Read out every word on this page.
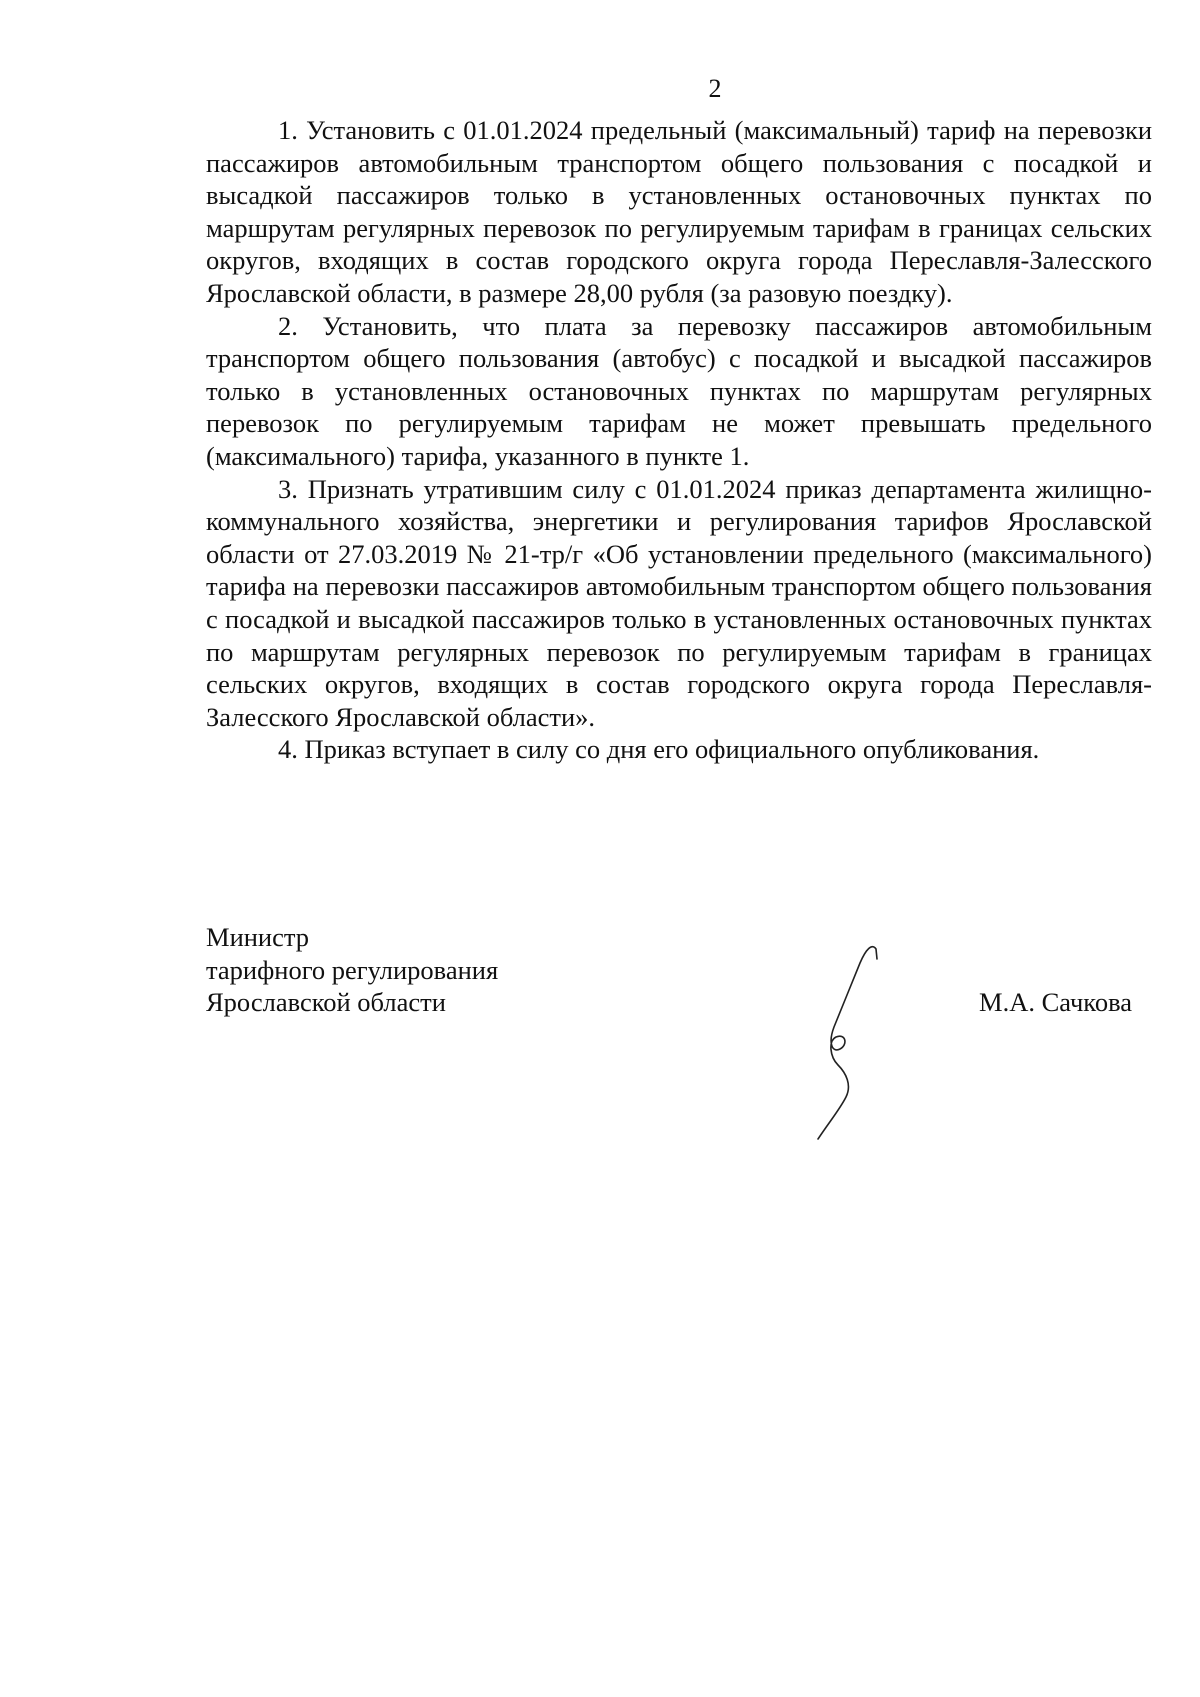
2

1. Установить с 01.01.2024 предельный (максимальный) тариф на перевозки пассажиров автомобильным транспортом общего пользования с посадкой и высадкой пассажиров только в установленных остановочных пунктах по маршрутам регулярных перевозок по регулируемым тарифам в границах сельских округов, входящих в состав городского округа города Переславля-Залесского Ярославской области, в размере 28,00 рубля (за разовую поездку).

2. Установить, что плата за перевозку пассажиров автомобильным транспортом общего пользования (автобус) с посадкой и высадкой пассажиров только в установленных остановочных пунктах по маршрутам регулярных перевозок по регулируемым тарифам не может превышать предельного (максимального) тарифа, указанного в пункте 1.

3. Признать утратившим силу с 01.01.2024 приказ департамента жилищно-коммунального хозяйства, энергетики и регулирования тарифов Ярославской области от 27.03.2019 № 21-тр/г «Об установлении предельного (максимального) тарифа на перевозки пассажиров автомобильным транспортом общего пользования с посадкой и высадкой пассажиров только в установленных остановочных пунктах по маршрутам регулярных перевозок по регулируемым тарифам в границах сельских округов, входящих в состав городского округа города Переславля-Залесского Ярославской области».

4. Приказ вступает в силу со дня его официального опубликования.

Министр
тарифного регулирования
Ярославской области	М.А. Сачкова
